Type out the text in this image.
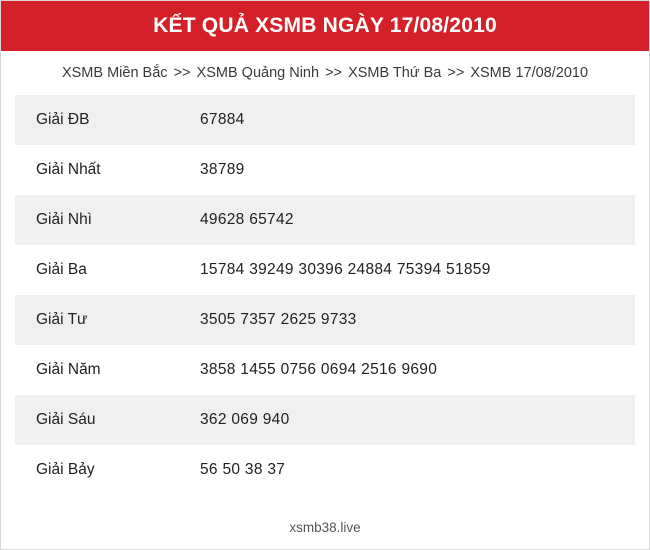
KẾT QUẢ XSMB NGÀY 17/08/2010
XSMB Miền Bắc >> XSMB Quảng Ninh >> XSMB Thứ Ba >> XSMB 17/08/2010
Giải ĐB	67884
Giải Nhất	38789
Giải Nhì	49628 65742
Giải Ba	15784 39249 30396 24884 75394 51859
Giải Tư	3505 7357 2625 9733
Giải Năm	3858 1455 0756 0694 2516 9690
Giải Sáu	362 069 940
Giải Bảy	56 50 38 37
xsmb38.live
